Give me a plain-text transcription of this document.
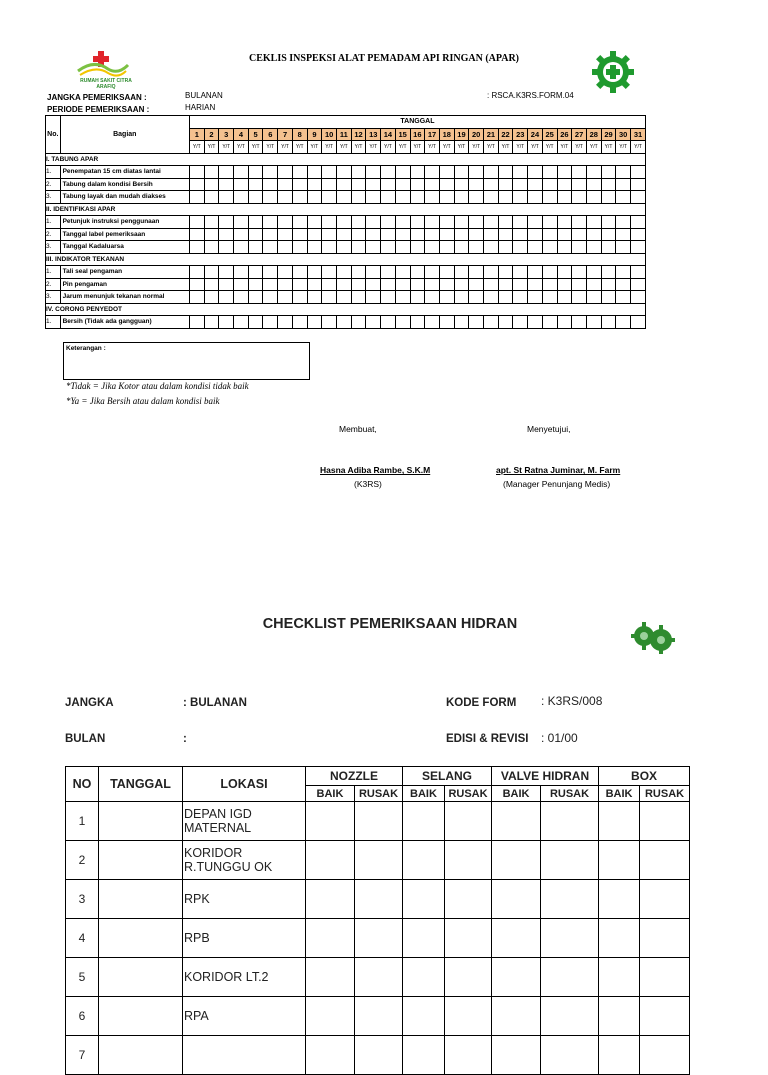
RUMAH SAKIT CITRA ARAFIQ
CEKLIS INSPEKSI ALAT PEMADAM API RINGAN (APAR)
JANGKA PEMERIKSAAN :	BULANAN
PERIODE PEMERIKSAAN :	HARIAN
: RSCA.K3RS.FORM.04
No.	Bagian	TANGGAL																														
		1	2	3	4	5	6	7	8	9	10	11	12	13	14	15	16	17	18	19	20	21	22	23	24	25	26	27	28	29	30	31
		Y/T	Y/T	Y/T	Y/T	Y/T	Y/T	Y/T	Y/T	Y/T	Y/T	Y/T	Y/T	Y/T	Y/T	Y/T	Y/T	Y/T	Y/T	Y/T	Y/T	Y/T	Y/T	Y/T	Y/T	Y/T	Y/T	Y/T	Y/T	Y/T	Y/T	Y/T
I. TABUNG APAR																																
1.	Penempatan 15 cm diatas lantai																															
2.	Tabung dalam kondisi Bersih																															
3.	Tabung layak dan mudah diakses																															
II. IDENTIFIKASI APAR																																
1.	Petunjuk instruksi penggunaan																															
2.	Tanggal label pemeriksaan																															
3.	Tanggal Kadaluarsa																															
III. INDIKATOR TEKANAN																																
1.	Tali seal pengaman																															
2.	Pin pengaman																															
3.	Jarum menunjuk tekanan normal																															
IV. CORONG PENYEDOT																																
1.	Bersih (Tidak ada gangguan)																															
Keterangan :
*Tidak = Jika Kotor atau dalam kondisi tidak baik
*Ya = Jika Bersih atau dalam kondisi baik
Membuat,	Menyetujui,
Hasna Adiba Rambe, S.K.M
(K3RS)
apt. St Ratna Juminar, M. Farm
(Manager Penunjang Medis)
CHECKLIST PEMERIKSAAN HIDRAN
JANGKA	: BULANAN
BULAN	:
KODE FORM : K3RS/008
EDISI & REVISI : 01/00
NO	TANGGAL	LOKASI	NOZZLE		SELANG		VALVE HIDRAN		BOX	
			BAIK	RUSAK	BAIK	RUSAK	BAIK	RUSAK	BAIK	RUSAK
1		DEPAN IGD MATERNAL								
2		KORIDOR R.TUNGGU OK								
3		RPK								
4		RPB								
5		KORIDOR LT.2								
6		RPA								
7										
